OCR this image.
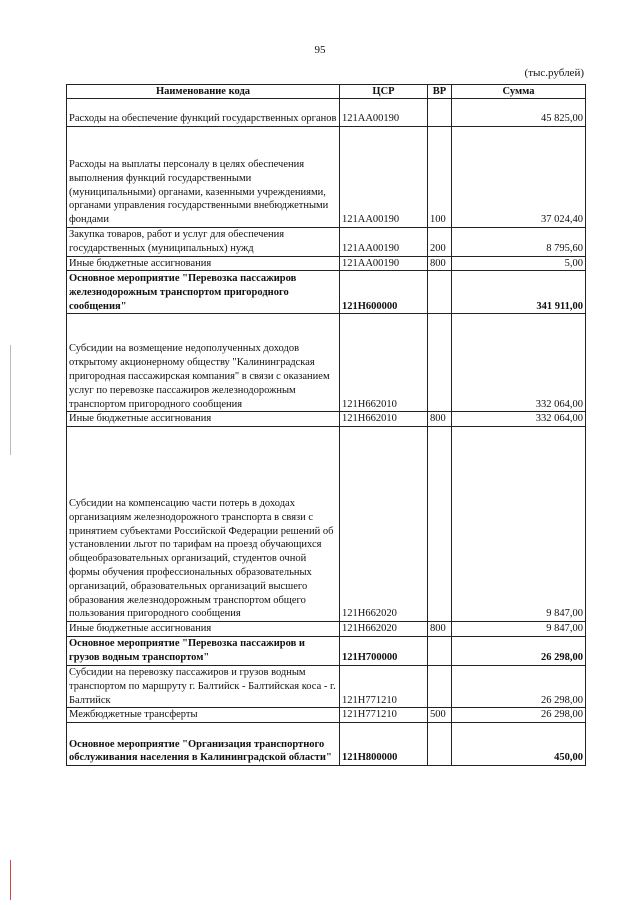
95
(тыс.рублей)
Наименование кода	ЦСР	ВР	Сумма
Расходы на обеспечение функций государственных органов	121АА00190		45 825,00
Расходы на выплаты персоналу в целях обеспечения выполнения функций государственными (муниципальными) органами, казенными учреждениями, органами управления государственными внебюджетными фондами	121АА00190	100	37 024,40
Закупка товаров, работ и услуг для обеспечения государственных (муниципальных) нужд	121АА00190	200	8 795,60
Иные бюджетные ассигнования	121АА00190	800	5,00
Основное мероприятие "Перевозка пассажиров железнодорожным транспортом пригородного сообщения"	121Н600000		341 911,00
Субсидии на возмещение недополученных доходов открытому акционерному обществу "Калининградская пригородная пассажирская компания" в связи с оказанием услуг по перевозке пассажиров железнодорожным транспортом пригородного сообщения	121Н662010		332 064,00
Иные бюджетные ассигнования	121Н662010	800	332 064,00
Субсидии на компенсацию части потерь в доходах организациям железнодорожного транспорта в связи с принятием субъектами Российской Федерации решений об установлении льгот по тарифам на проезд обучающихся общеобразовательных организаций, студентов очной формы обучения профессиональных образовательных организаций, образовательных организаций высшего образования железнодорожным транспортом общего пользования пригородного сообщения	121Н662020		9 847,00
Иные бюджетные ассигнования	121Н662020	800	9 847,00
Основное мероприятие "Перевозка пассажиров и грузов водным транспортом"	121Н700000		26 298,00
Субсидии на перевозку пассажиров и грузов водным транспортом по маршруту г. Балтийск - Балтийская коса - г. Балтийск	121Н771210		26 298,00
Межбюджетные трансферты	121Н771210	500	26 298,00
Основное мероприятие "Организация транспортного обслуживания населения в Калининградской области"	121Н800000		450,00
